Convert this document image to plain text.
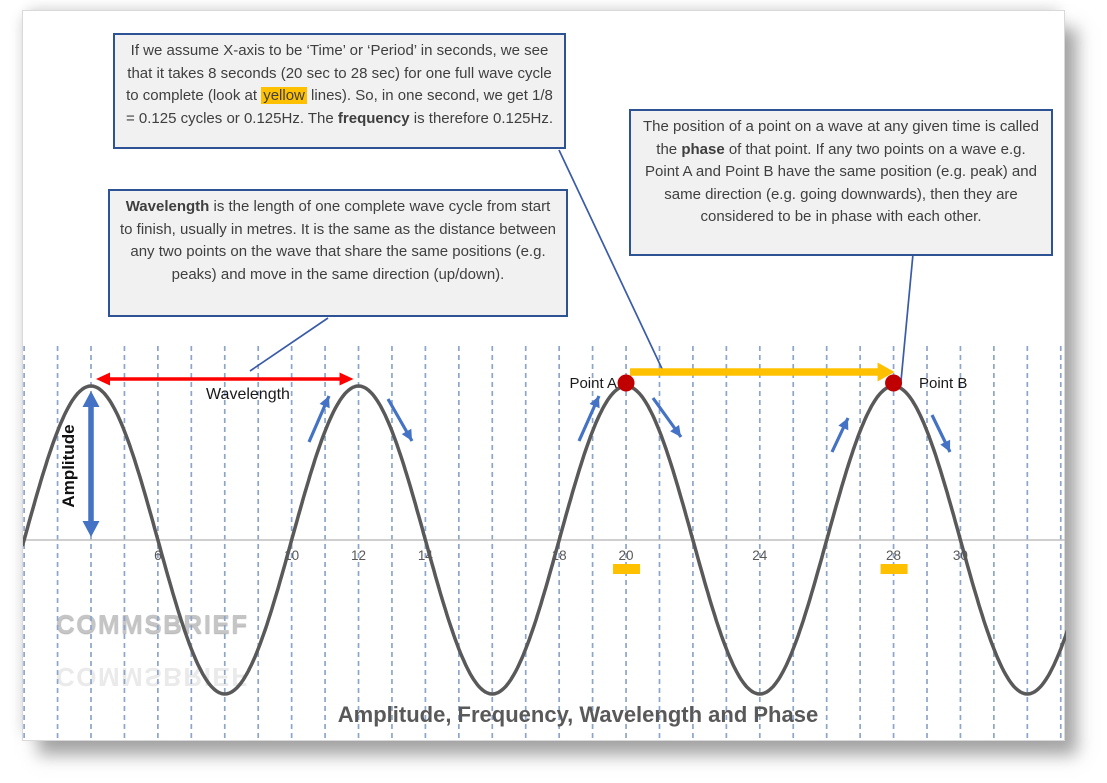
6	10	12	14	18	20	24	28	30
COMMSBRIEF
COMMSBRIEF
If we assume X-axis to be ‘Time’ or ‘Period’ in seconds, we see that it takes 8 seconds (20 sec to 28 sec) for one full wave cycle to complete (look at yellow lines). So, in one second, we get 1/8 = 0.125 cycles or 0.125Hz. The frequency is therefore 0.125Hz.
Wavelength is the length of one complete wave cycle from start to finish, usually in metres. It is the same as the distance between any two points on the wave that share the same positions (e.g. peaks) and move in the same direction (up/down).
The position of a point on a wave at any given time is called the phase of that point. If any two points on a wave e.g. Point A and Point B have the same position (e.g. peak) and same direction (e.g. going downwards), then they are considered to be in phase with each other.
Amplitude
Wavelength
Point A	Point B
Amplitude, Frequency, Wavelength and Phase
